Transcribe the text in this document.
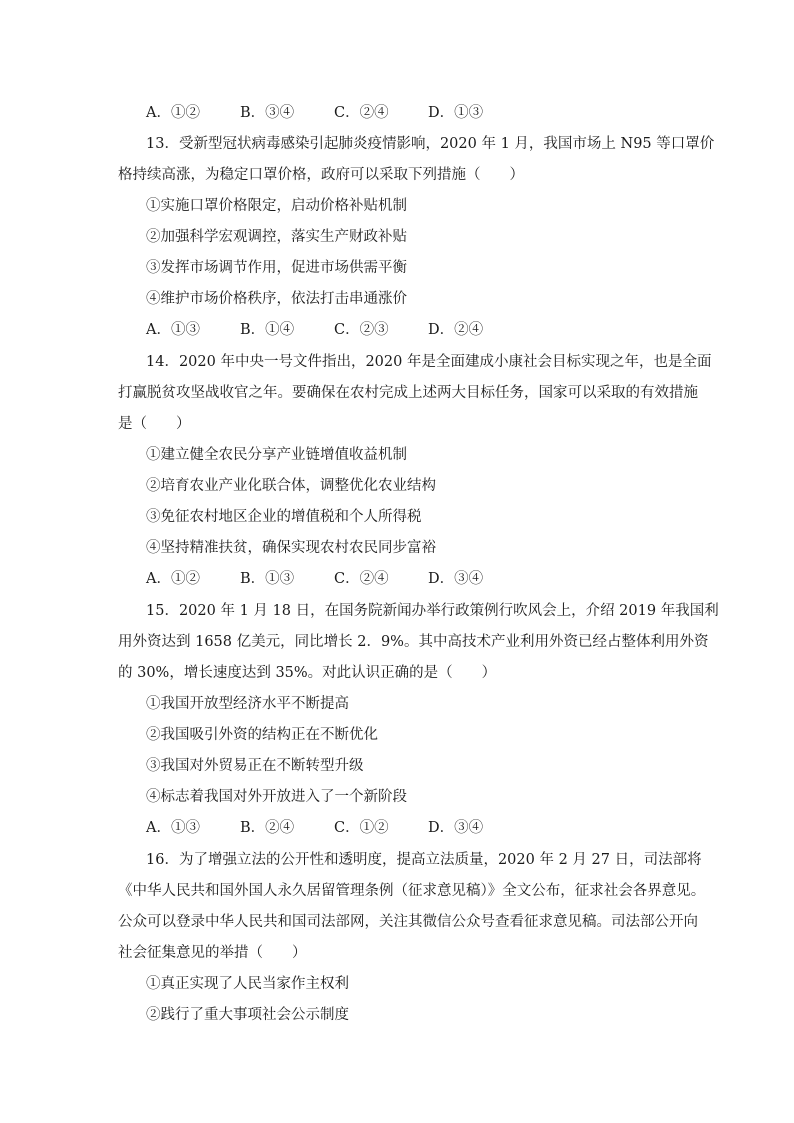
A．①②	B．③④	C．②④	D．①③
13．受新型冠状病毒感染引起肺炎疫情影响，2020 年 1 月，我国市场上 N95 等口罩价
格持续高涨，为稳定口罩价格，政府可以采取下列措施（　　）
①实施口罩价格限定，启动价格补贴机制
②加强科学宏观调控，落实生产财政补贴
③发挥市场调节作用，促进市场供需平衡
④维护市场价格秩序，依法打击串通涨价
A．①③	B．①④	C．②③	D．②④
14．2020 年中央一号文件指出，2020 年是全面建成小康社会目标实现之年，也是全面
打赢脱贫攻坚战收官之年。要确保在农村完成上述两大目标任务，国家可以采取的有效措施
是（　　）
①建立健全农民分享产业链增值收益机制
②培育农业产业化联合体，调整优化农业结构
③免征农村地区企业的增值税和个人所得税
④坚持精准扶贫，确保实现农村农民同步富裕
A．①②	B．①③	C．②④	D．③④
15．2020 年 1 月 18 日，在国务院新闻办举行政策例行吹风会上，介绍 2019 年我国利
用外资达到 1658 亿美元，同比增长 2．9%。其中高技术产业利用外资已经占整体利用外资
的 30%，增长速度达到 35%。对此认识正确的是（　　）
①我国开放型经济水平不断提高
②我国吸引外资的结构正在不断优化
③我国对外贸易正在不断转型升级
④标志着我国对外开放进入了一个新阶段
A．①③	B．②④	C．①②	D．③④
16．为了增强立法的公开性和透明度，提高立法质量，2020 年 2 月 27 日，司法部将
《中华人民共和国外国人永久居留管理条例（征求意见稿）》全文公布，征求社会各界意见。
公众可以登录中华人民共和国司法部网，关注其微信公众号查看征求意见稿。司法部公开向
社会征集意见的举措（　　）
①真正实现了人民当家作主权利
②践行了重大事项社会公示制度
